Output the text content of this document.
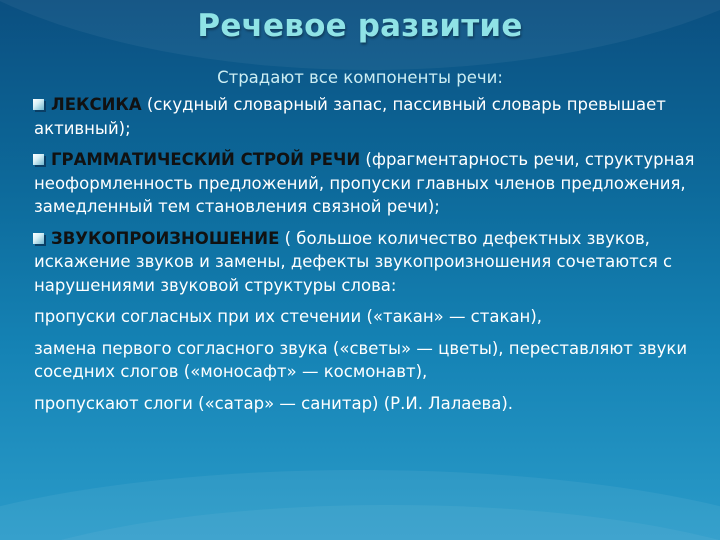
Речевое развитие

Страдают все компоненты речи:

ЛЕКСИКА (скудный словарный запас, пассивный словарь превышает активный);

ГРАММАТИЧЕСКИЙ СТРОЙ РЕЧИ (фрагментарность речи, структурная неоформленность предложений, пропуски главных членов предложения, замедленный тем становления связной речи);

ЗВУКОПРОИЗНОШЕНИЕ ( большое количество дефектных звуков, искажение звуков и замены, дефекты звукопроизношения сочетаются с нарушениями звуковой структуры слова:

пропуски согласных при их стечении («такан» — стакан),

замена первого согласного звука («светы» — цветы), переставляют звуки соседних слогов («моносафт» — космонавт),

пропускают слоги («сатар» — санитар) (Р.И. Лалаева).
